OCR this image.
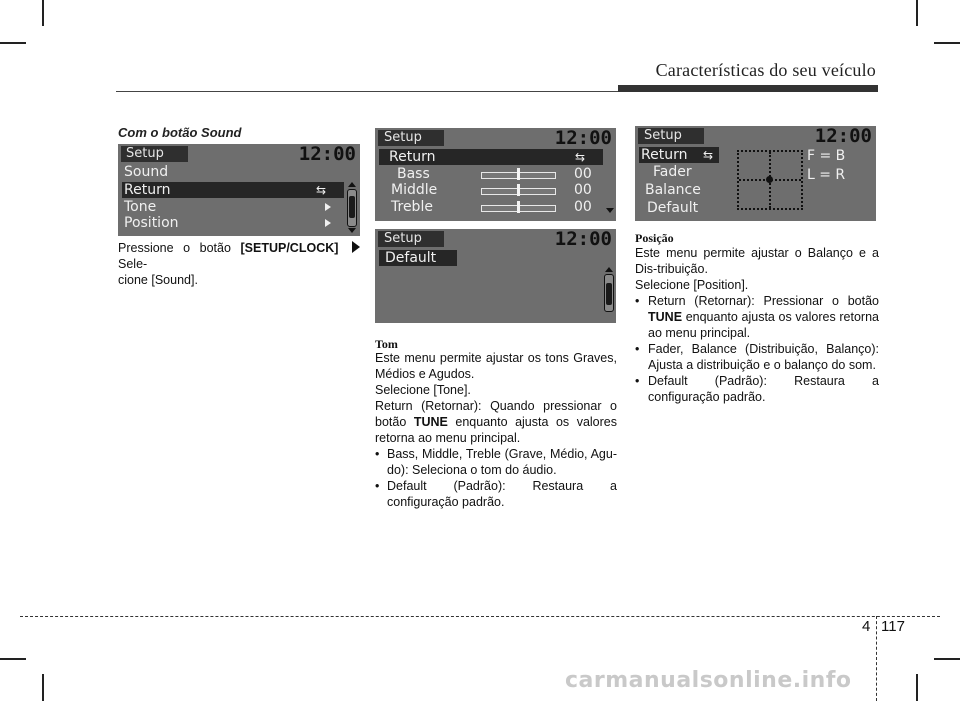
Características do seu veículo
Com o botão Sound
Setup	12:00
Sound
Return	⇆
Tone
Position
Pressione o botão [SETUP/CLOCK]  Sele-
cione [Sound].
Setup	12:00
Return	⇆
Bass	00
Middle	00
Treble	00
Setup	12:00
Default
Tom
Este menu permite ajustar os tons Graves, Médios e Agudos.
Selecione [Tone].
Return (Retornar): Quando pressionar o botão TUNE enquanto ajusta os valores retorna ao menu principal.
• Bass, Middle, Treble (Grave, Médio, Agu-do): Seleciona o tom do áudio.
• Default (Padrão): Restaura a configuração padrão.
Setup	12:00
Return ⇆
Fader
Balance
Default
F = B
L = R
Posição
Este menu permite ajustar o Balanço e a Dis-tribuição.
Selecione [Position].
• Return (Retornar): Pressionar o botão TUNE enquanto ajusta os valores retorna ao menu principal.
• Fader, Balance (Distribuição, Balanço): Ajusta a distribuição e o balanço do som.
• Default (Padrão): Restaura a configuração padrão.
4 117
carmanualsonline.info
